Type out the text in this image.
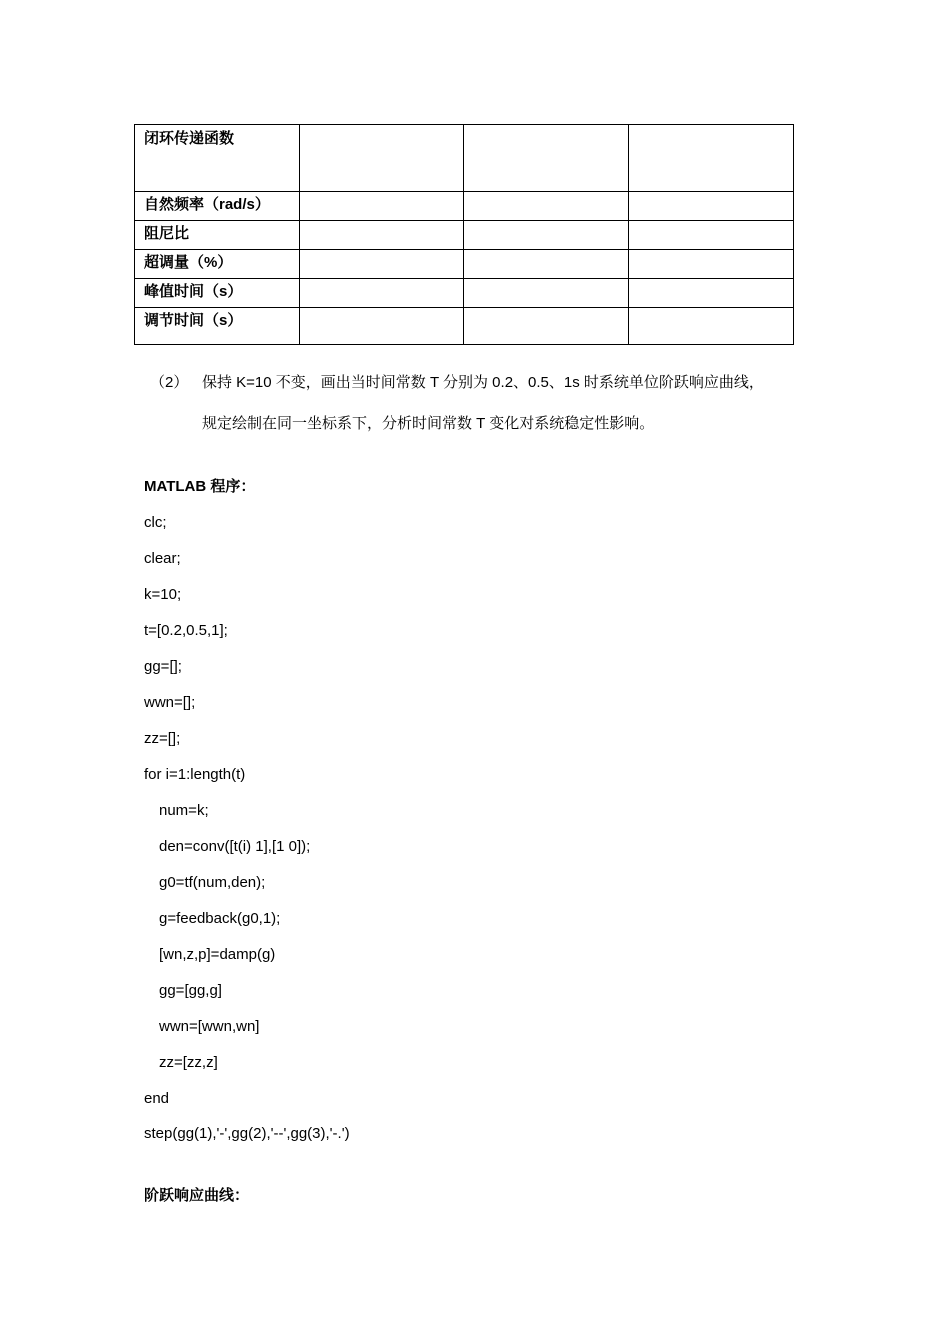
闭环传递函数			
自然频率（rad/s）			
阻尼比			
超调量（%）			
峰值时间（s）			
调节时间（s）			
（2） 保持 K=10 不变，画出当时间常数 T 分别为 0.2、0.5、1s 时系统单位阶跃响应曲线，
规定绘制在同一坐标系下，分析时间常数 T 变化对系统稳定性影响。
MATLAB 程序：
clc;
clear;
k=10;
t=[0.2,0.5,1];
gg=[];
wwn=[];
zz=[];
for i=1:length(t)
num=k;
den=conv([t(i) 1],[1 0]);
g0=tf(num,den);
g=feedback(g0,1);
[wn,z,p]=damp(g)
gg=[gg,g]
wwn=[wwn,wn]
zz=[zz,z]
end
step(gg(1),'-',gg(2),'--',gg(3),'-.')
阶跃响应曲线：
